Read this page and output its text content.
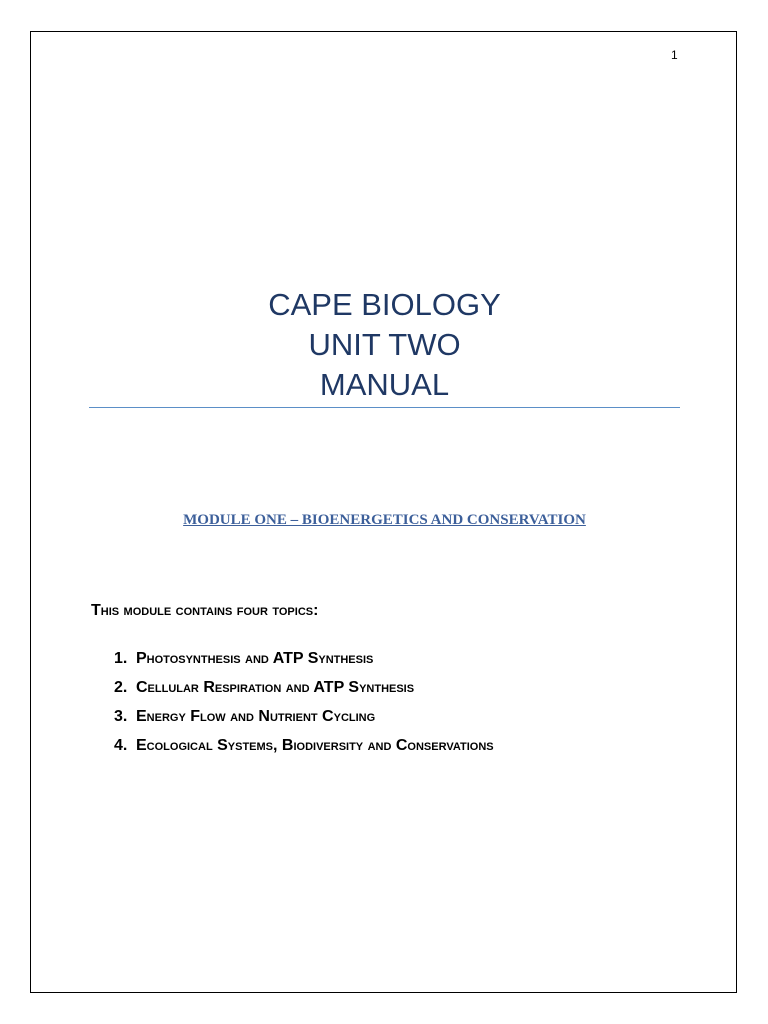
1
CAPE BIOLOGY
UNIT TWO
MANUAL
MODULE ONE – BIOENERGETICS AND CONSERVATION
This module contains four topics:
1. Photosynthesis and ATP Synthesis
2. Cellular Respiration and ATP Synthesis
3. Energy Flow and Nutrient Cycling
4. Ecological Systems, Biodiversity and Conservations
